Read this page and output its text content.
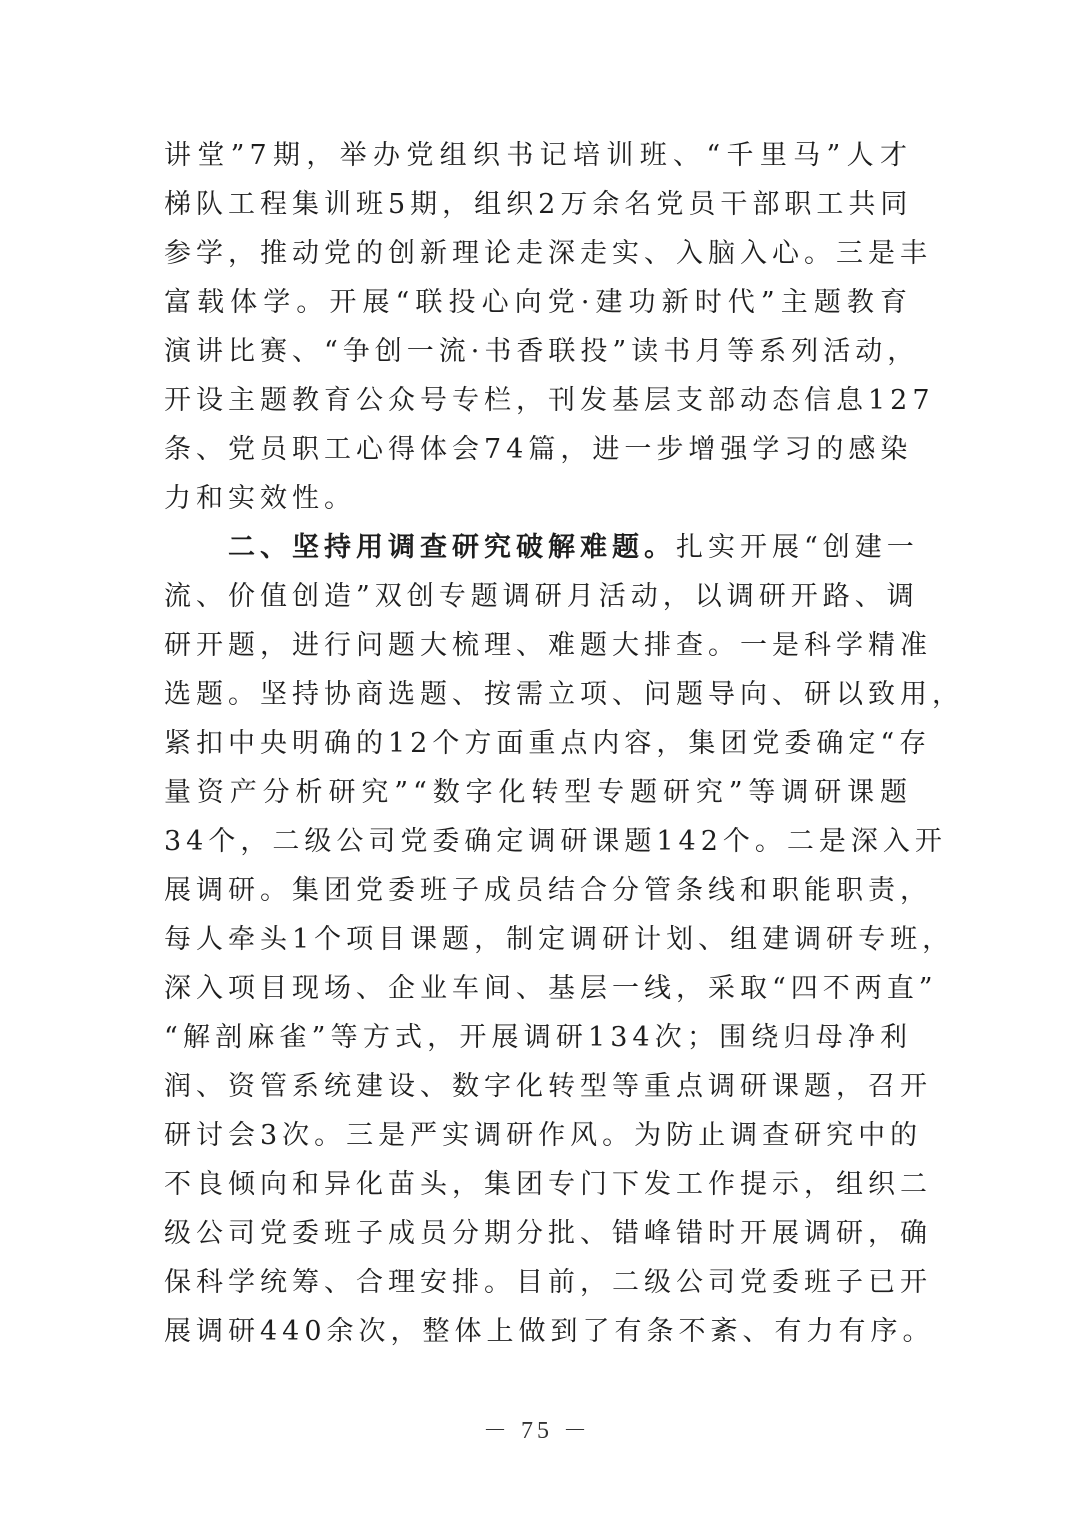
讲堂”7期，举办党组织书记培训班、“千里马”人才
梯队工程集训班5期，组织2万余名党员干部职工共同
参学，推动党的创新理论走深走实、入脑入心。三是丰
富载体学。开展“联投心向党·建功新时代”主题教育
演讲比赛、“争创一流·书香联投”读书月等系列活动，
开设主题教育公众号专栏，刊发基层支部动态信息127
条、党员职工心得体会74篇，进一步增强学习的感染
力和实效性。
二、坚持用调查研究破解难题。扎实开展“创建一
流、价值创造”双创专题调研月活动，以调研开路、调
研开题，进行问题大梳理、难题大排查。一是科学精准
选题。坚持协商选题、按需立项、问题导向、研以致用，
紧扣中央明确的12个方面重点内容，集团党委确定“存
量资产分析研究”“数字化转型专题研究”等调研课题
34个，二级公司党委确定调研课题142个。二是深入开
展调研。集团党委班子成员结合分管条线和职能职责，
每人牵头1个项目课题，制定调研计划、组建调研专班，
深入项目现场、企业车间、基层一线，采取“四不两直”
“解剖麻雀”等方式，开展调研134次；围绕归母净利
润、资管系统建设、数字化转型等重点调研课题，召开
研讨会3次。三是严实调研作风。为防止调查研究中的
不良倾向和异化苗头，集团专门下发工作提示，组织二
级公司党委班子成员分期分批、错峰错时开展调研，确
保科学统筹、合理安排。目前，二级公司党委班子已开
展调研440余次，整体上做到了有条不紊、有力有序。
－ 75 －
